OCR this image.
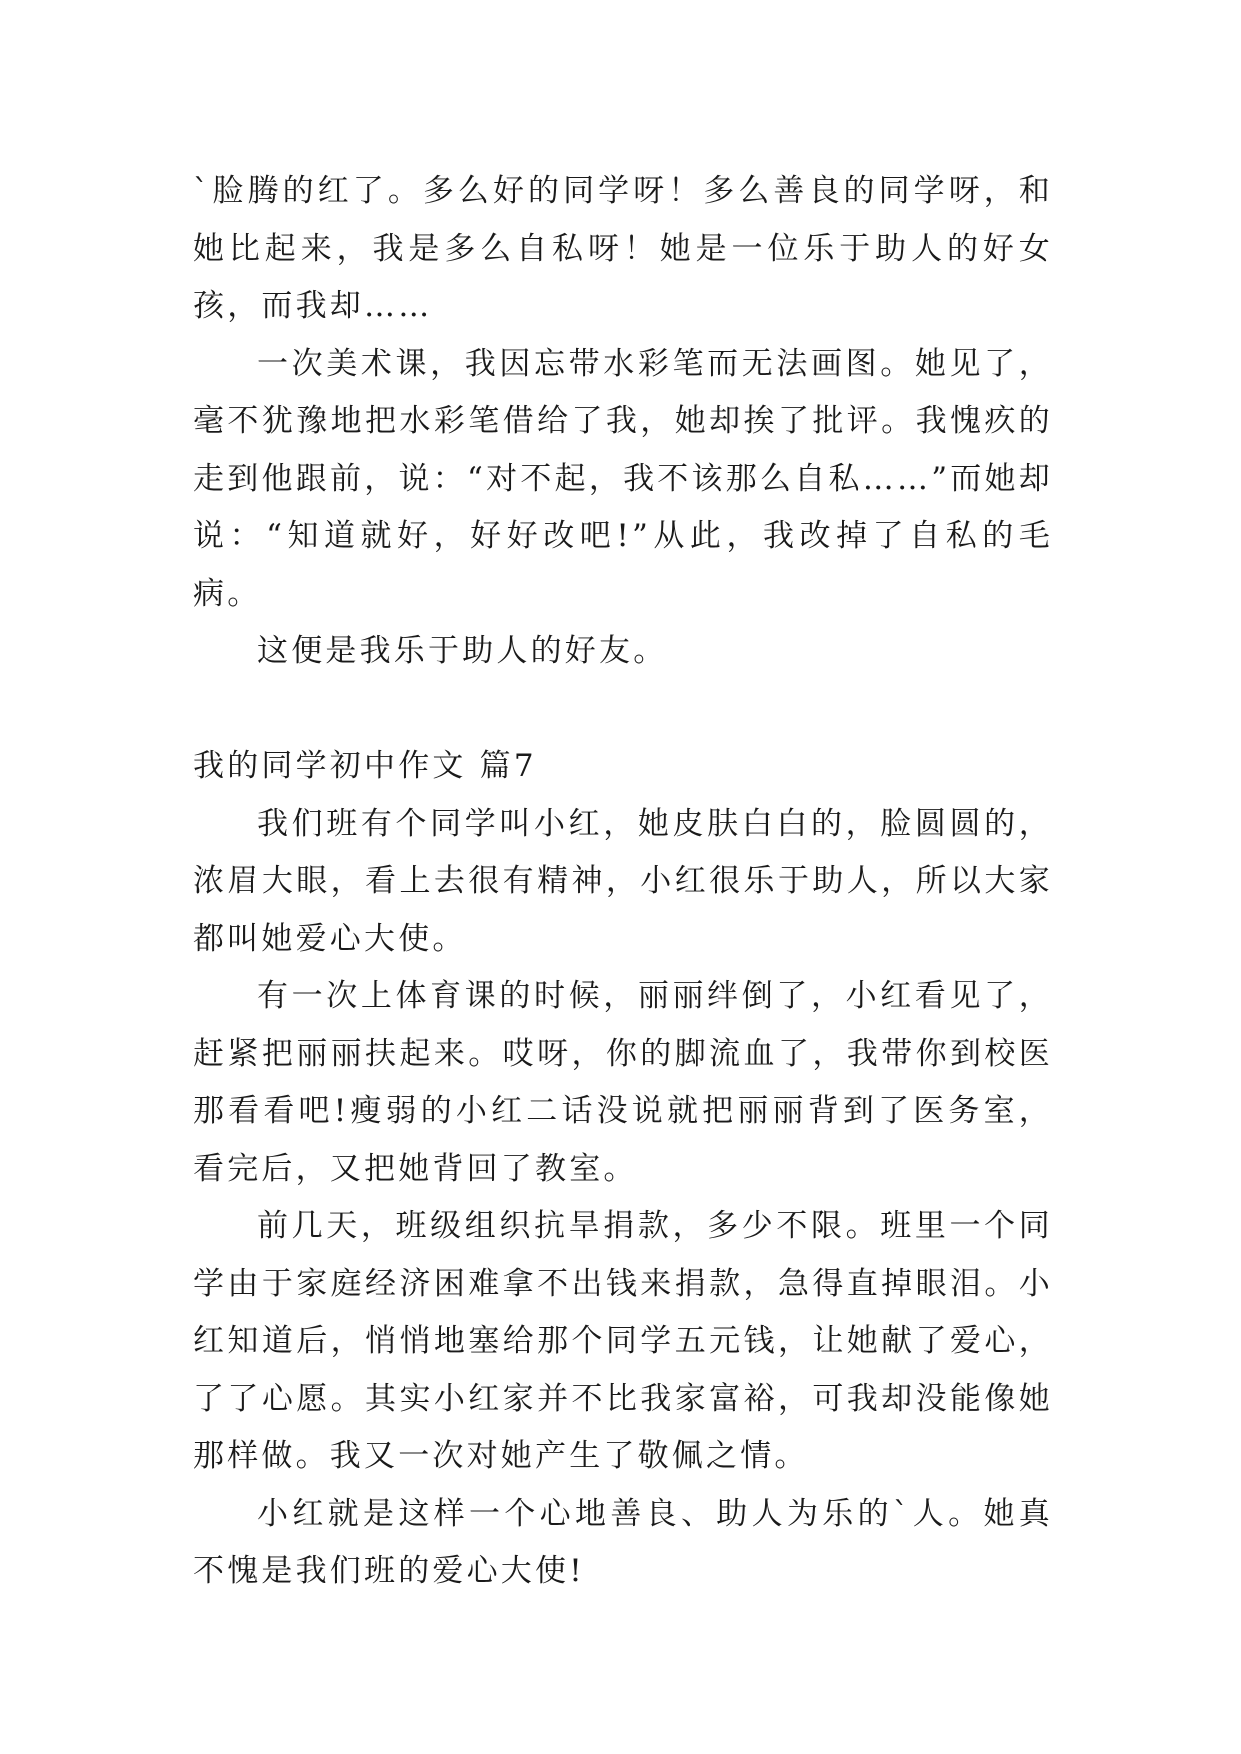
`脸腾的红了。多么好的同学呀！多么善良的同学呀，和她比起来，我是多么自私呀！她是一位乐于助人的好女孩，而我却……

一次美术课，我因忘带水彩笔而无法画图。她见了，毫不犹豫地把水彩笔借给了我，她却挨了批评。我愧疚的走到他跟前，说：“对不起，我不该那么自私……”而她却说：“知道就好，好好改吧!”从此，我改掉了自私的毛病。

这便是我乐于助人的好友。

我的同学初中作文 篇7

我们班有个同学叫小红，她皮肤白白的，脸圆圆的，浓眉大眼，看上去很有精神，小红很乐于助人，所以大家都叫她爱心大使。

有一次上体育课的时候，丽丽绊倒了，小红看见了，赶紧把丽丽扶起来。哎呀，你的脚流血了，我带你到校医那看看吧!瘦弱的小红二话没说就把丽丽背到了医务室，看完后，又把她背回了教室。

前几天，班级组织抗旱捐款，多少不限。班里一个同学由于家庭经济困难拿不出钱来捐款，急得直掉眼泪。小红知道后，悄悄地塞给那个同学五元钱，让她献了爱心，了了心愿。其实小红家并不比我家富裕，可我却没能像她那样做。我又一次对她产生了敬佩之情。

小红就是这样一个心地善良、助人为乐的`人。她真不愧是我们班的爱心大使!
